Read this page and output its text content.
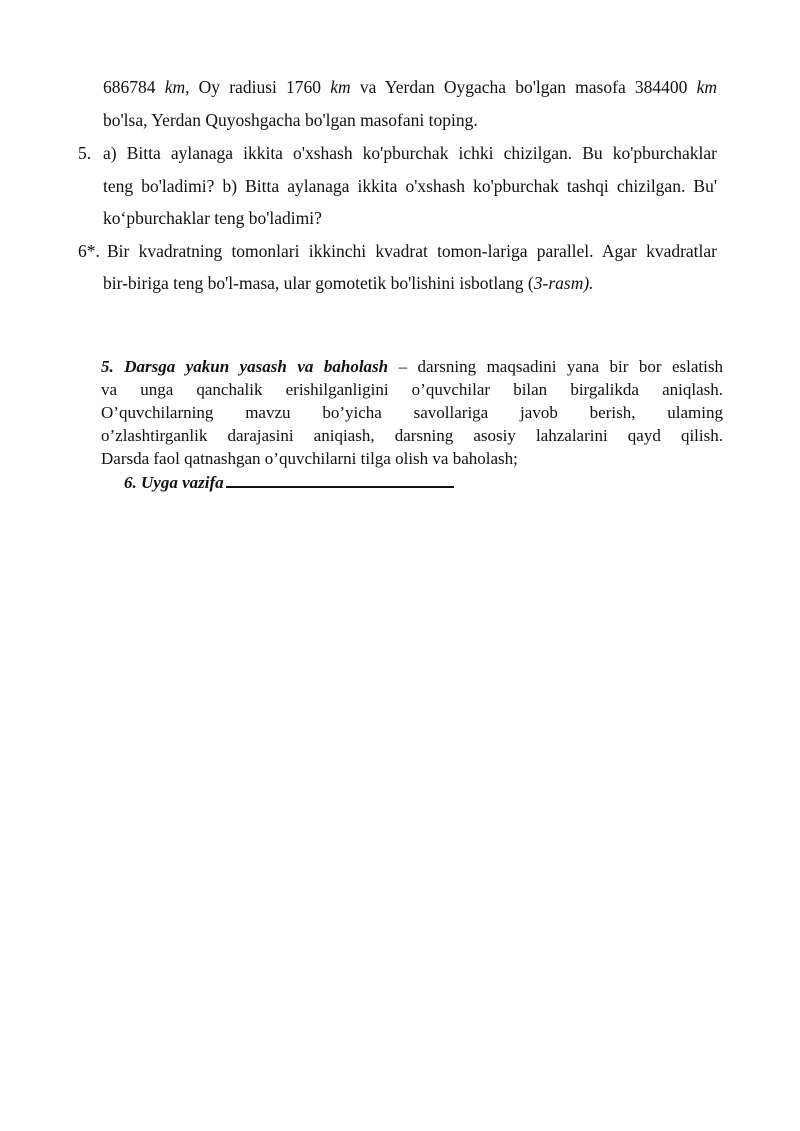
686784 km, Oy radiusi 1760 km va Yerdan Oygacha bo'lgan masofa 384400 km
bo'lsa, Yerdan Quyoshgacha bo'lgan masofani toping.
5. a) Bitta aylanaga ikkita o'xshash ko'pburchak ichki chizilgan. Bu ko'pburchaklar
teng bo'ladimi? b) Bitta aylanaga ikkita o'xshash ko'pburchak tashqi chizilgan. Bu'
koʻpburchaklar teng bo'ladimi?
6*. Bir kvadratning tomonlari ikkinchi kvadrat tomon-lariga parallel. Agar kvadratlar
bir-biriga teng bo'l-masa, ular gomotetik bo'lishini isbotlang (3-rasm).
5. Darsga yakun yasash va baholash – darsning maqsadini yana bir bor eslatish
va unga qanchalik erishilganligini o’quvchilar bilan birgalikda aniqlash.
O’quvchilarning mavzu bo’yicha savollariga javob berish, ulaming
o’zlashtirganlik darajasini aniqiash, darsning asosiy lahzalarini qayd qilish.
Darsda faol qatnashgan o’quvchilarni tilga olish va baholash;
6. Uyga vazifa
